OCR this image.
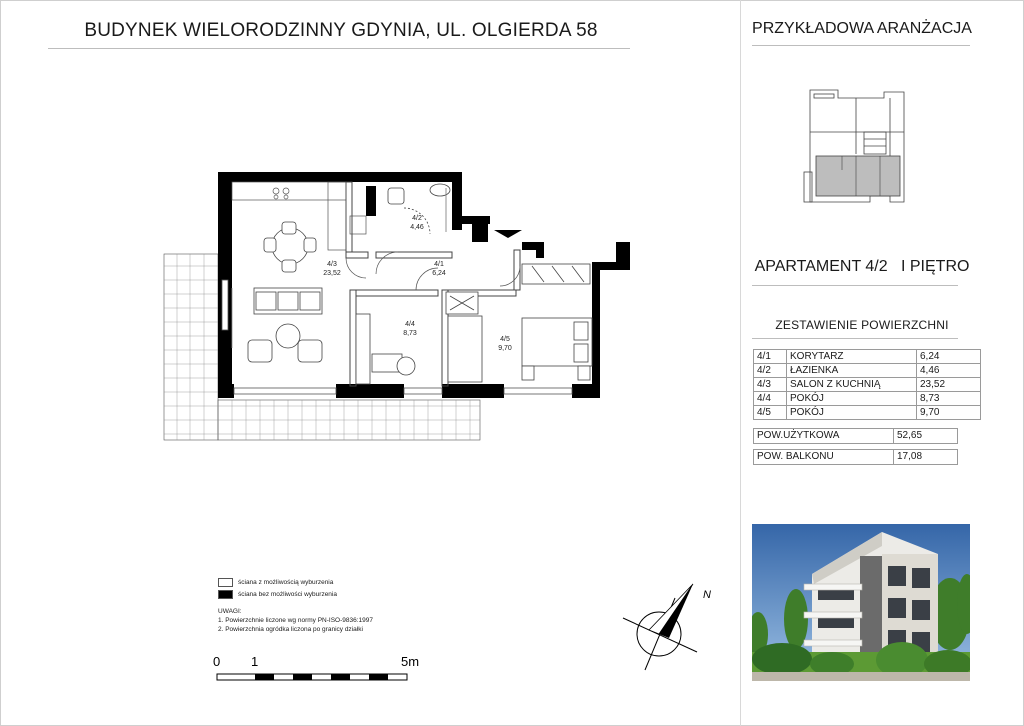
BUDYNEK WIELORODZINNY GDYNIA, UL. OLGIERDA 58	PRZYKŁADOWA ARANŻACJA
APARTAMENT 4/2 I PIĘTRO
ZESTAWIENIE POWIERZCHNI
4/1	KORYTARZ	6,24
4/2	ŁAZIENKA	4,46
4/3	SALON Z KUCHNIĄ	23,52
4/4	POKÓJ	8,73
4/5	POKÓJ	9,70
POW.UŻYTKOWA	52,65
POW. BALKONU	17,08
4/3
23,52
4/2
4,46
4/1
6,24
4/4
8,73
4/5
9,70
ściana z możliwością wyburzenia
ściana bez możliwości wyburzenia
UWAGI:
1. Powierzchnie liczone wg normy PN-ISO-9836:1997
2. Powierzchnia ogródka liczona po granicy działki
0 1	5m
N
